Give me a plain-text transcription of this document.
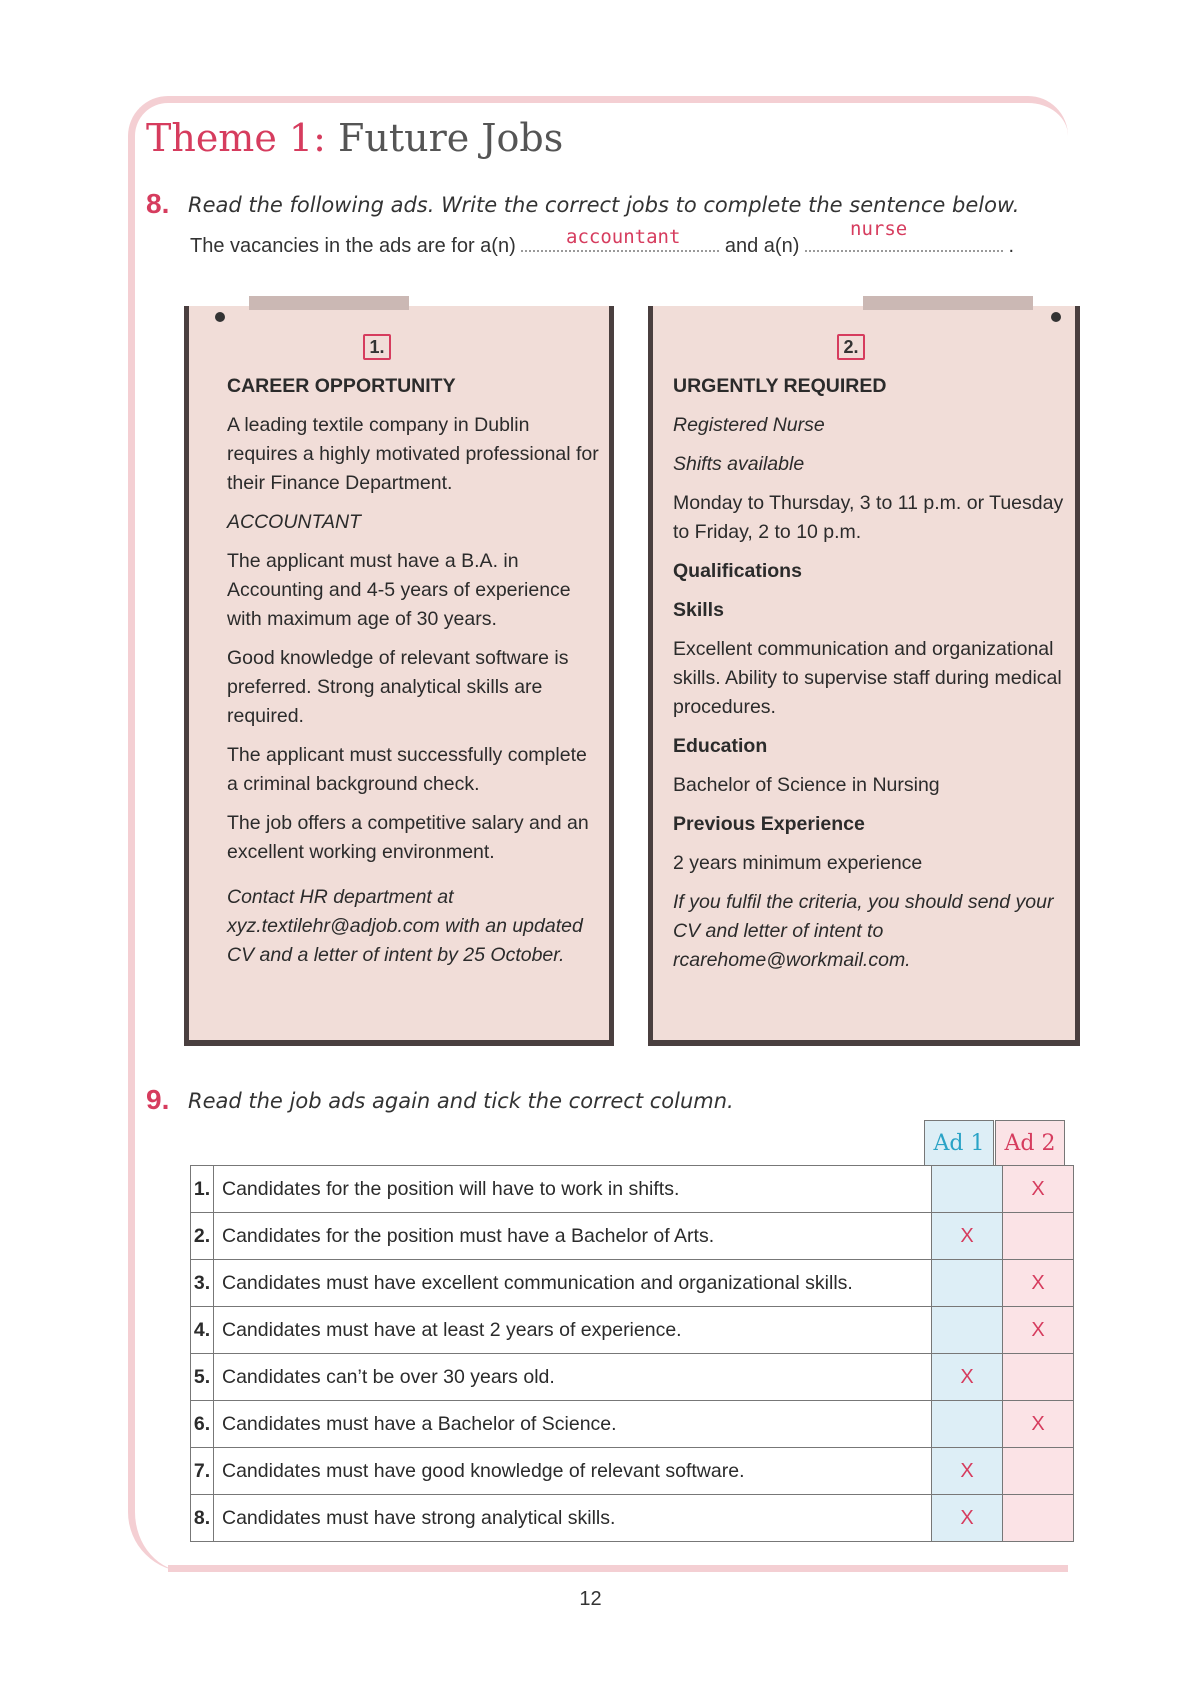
Theme 1: Future Jobs
8. Read the following ads. Write the correct jobs to complete the sentence below.
The vacancies in the ads are for a(n)	and a(n)	.
accountant	nurse
1.

CAREER OPPORTUNITY

A leading textile company in Dublin requires a highly motivated professional for their Finance Department.

ACCOUNTANT

The applicant must have a B.A. in Accounting and 4-5 years of experience with maximum age of 30 years.

Good knowledge of relevant software is preferred. Strong analytical skills are required.

The applicant must successfully complete a criminal background check.

The job offers a competitive salary and an excellent working environment.

Contact HR department at xyz.textilehr@adjob.com with an updated CV and a letter of intent by 25 October.

2.

URGENTLY REQUIRED

Registered Nurse

Shifts available

Monday to Thursday, 3 to 11 p.m. or Tuesday to Friday, 2 to 10 p.m.

Qualifications

Skills

Excellent communication and organizational skills. Ability to supervise staff during medical procedures.

Education

Bachelor of Science in Nursing

Previous Experience

2 years minimum experience

If you fulfil the criteria, you should send your CV and letter of intent to rcarehome@workmail.com.

9. Read the job ads again and tick the correct column.
Ad 1 Ad 2
1.	Candidates for the position will have to work in shifts.		X
2.	Candidates for the position must have a Bachelor of Arts.	X	
3.	Candidates must have excellent communication and organizational skills.		X
4.	Candidates must have at least 2 years of experience.		X
5.	Candidates can’t be over 30 years old.	X	
6.	Candidates must have a Bachelor of Science.		X
7.	Candidates must have good knowledge of relevant software.	X	
8.	Candidates must have strong analytical skills.	X	
12
